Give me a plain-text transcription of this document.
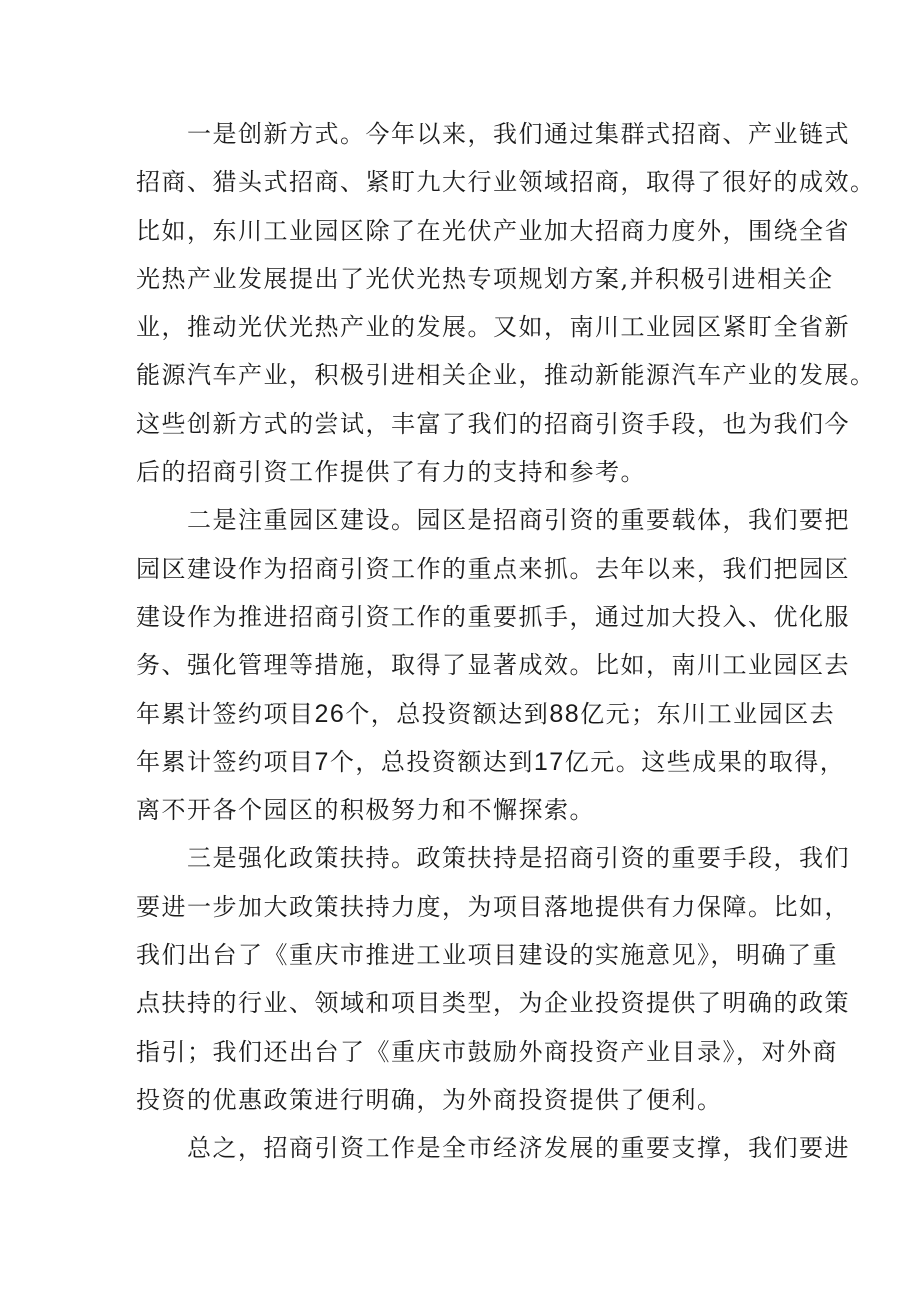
一是创新方式。今年以来，我们通过集群式招商、产业链式
招商、猎头式招商、紧盯九大行业领域招商，取得了很好的成效。
比如，东川工业园区除了在光伏产业加大招商力度外，围绕全省
光热产业发展提出了光伏光热专项规划方案,并积极引进相关企
业，推动光伏光热产业的发展。又如，南川工业园区紧盯全省新
能源汽车产业，积极引进相关企业，推动新能源汽车产业的发展。
这些创新方式的尝试，丰富了我们的招商引资手段，也为我们今
后的招商引资工作提供了有力的支持和参考。
二是注重园区建设。园区是招商引资的重要载体，我们要把
园区建设作为招商引资工作的重点来抓。去年以来，我们把园区
建设作为推进招商引资工作的重要抓手，通过加大投入、优化服
务、强化管理等措施，取得了显著成效。比如，南川工业园区去
年累计签约项目26个，总投资额达到88亿元；东川工业园区去
年累计签约项目7个，总投资额达到17亿元。这些成果的取得，
离不开各个园区的积极努力和不懈探索。
三是强化政策扶持。政策扶持是招商引资的重要手段，我们
要进一步加大政策扶持力度，为项目落地提供有力保障。比如，
我们出台了《重庆市推进工业项目建设的实施意见》，明确了重
点扶持的行业、领域和项目类型，为企业投资提供了明确的政策
指引；我们还出台了《重庆市鼓励外商投资产业目录》，对外商
投资的优惠政策进行明确，为外商投资提供了便利。
总之，招商引资工作是全市经济发展的重要支撑，我们要进
